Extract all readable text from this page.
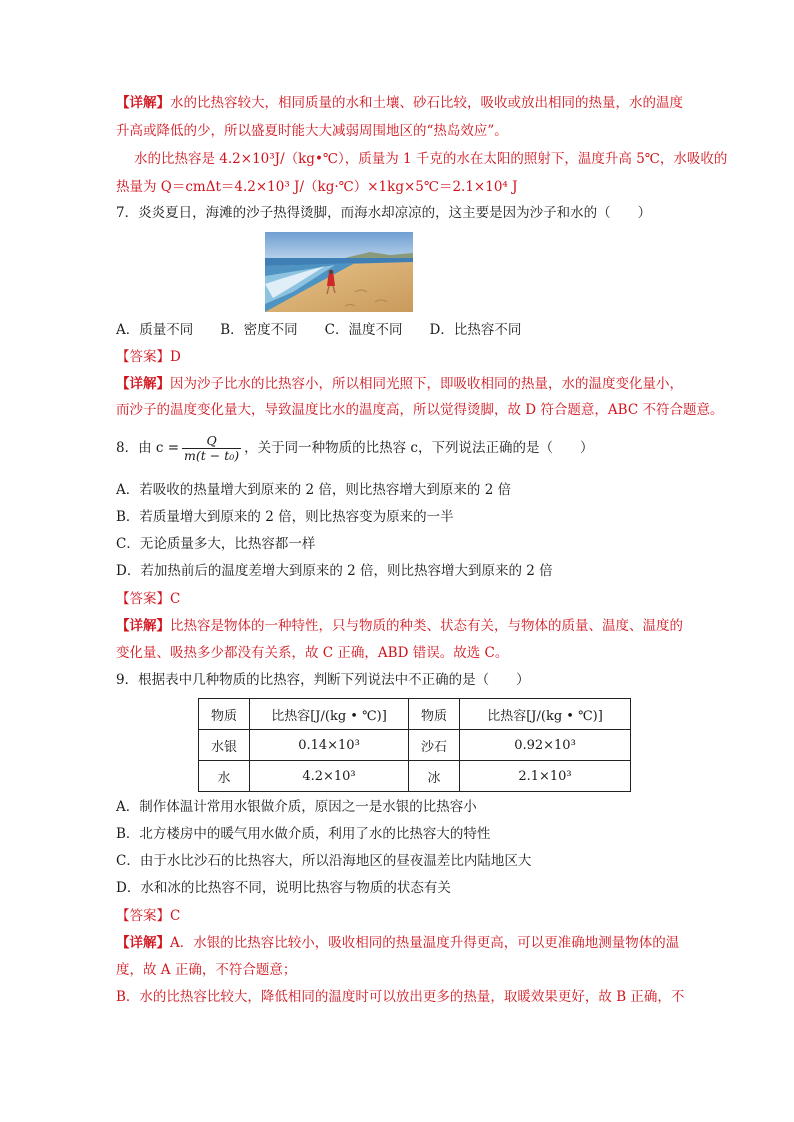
【详解】水的比热容较大，相同质量的水和土壤、砂石比较，吸收或放出相同的热量，水的温度
升高或降低的少，所以盛夏时能大大减弱周围地区的“热岛效应”。
水的比热容是 4.2×10³J/（kg•℃），质量为 1 千克的水在太阳的照射下，温度升高 5℃，水吸收的
热量为 Q＝cmΔt＝4.2×10³ J/（kg·℃）×1kg×5℃＝2.1×10⁴ J
7．炎炎夏日，海滩的沙子热得烫脚，而海水却凉凉的，这主要是因为沙子和水的（　　）
A．质量不同　　B．密度不同　　C．温度不同　　D．比热容不同
【答案】D
【详解】因为沙子比水的比热容小，所以相同光照下，即吸收相同的热量，水的温度变化量小，
而沙子的温度变化量大，导致温度比水的温度高，所以觉得烫脚，故 D 符合题意，ABC 不符合题意。
8．由 $c = \frac{Q}{\text{m(t − t₀)}}$ ，关于同一种物质的比热容 c，下列说法正确的是（　　）
A．若吸收的热量增大到原来的 2 倍，则比热容增大到原来的 2 倍
B．若质量增大到原来的 2 倍，则比热容变为原来的一半
C．无论质量多大，比热容都一样
D．若加热前后的温度差增大到原来的 2 倍，则比热容增大到原来的 2 倍
【答案】C
【详解】比热容是物体的一种特性，只与物质的种类、状态有关，与物体的质量、温度、温度的
变化量、吸热多少都没有关系，故 C 正确，ABD 错误。故选 C。
9．根据表中几种物质的比热容，判断下列说法中不正确的是（　　）
物质	比热容[J/(kg • ℃)]	物质	比热容[J/(kg • ℃)]
水银	0.14×10³	沙石	0.92×10³
水	4.2×10³	冰	2.1×10³
A．制作体温计常用水银做介质，原因之一是水银的比热容小
B．北方楼房中的暖气用水做介质，利用了水的比热容大的特性
C．由于水比沙石的比热容大，所以沿海地区的昼夜温差比内陆地区大
D．水和冰的比热容不同，说明比热容与物质的状态有关
【答案】C
【详解】A．水银的比热容比较小，吸收相同的热量温度升得更高，可以更准确地测量物体的温
度，故 A 正确，不符合题意；
B．水的比热容比较大，降低相同的温度时可以放出更多的热量，取暖效果更好，故 B 正确，不
